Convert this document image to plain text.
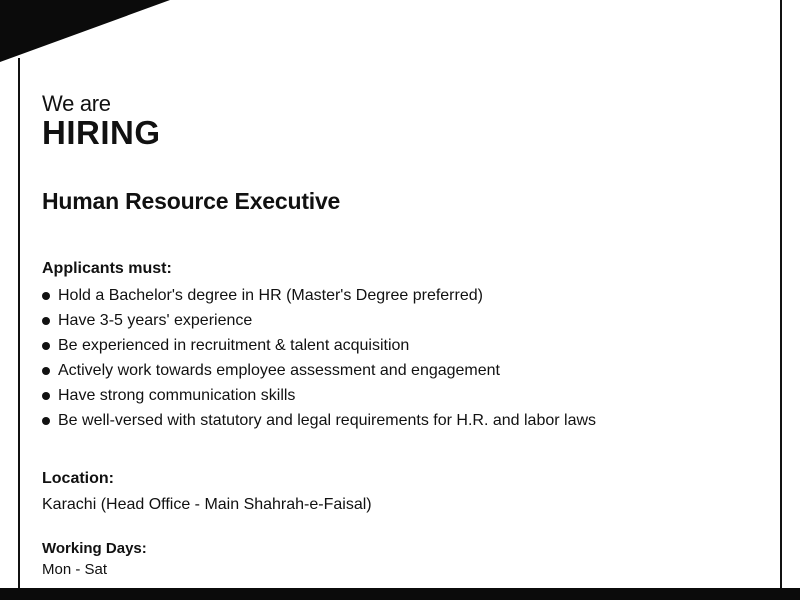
We are
HIRING
Human Resource Executive
Applicants must:
Hold a Bachelor's degree in HR (Master's Degree preferred)
Have 3-5 years' experience
Be experienced in recruitment & talent acquisition
Actively work towards employee assessment and engagement
Have strong communication skills
Be well-versed with statutory and legal requirements for H.R. and labor laws
Location:
Karachi (Head Office - Main Shahrah-e-Faisal)
Working Days:
Mon - Sat
